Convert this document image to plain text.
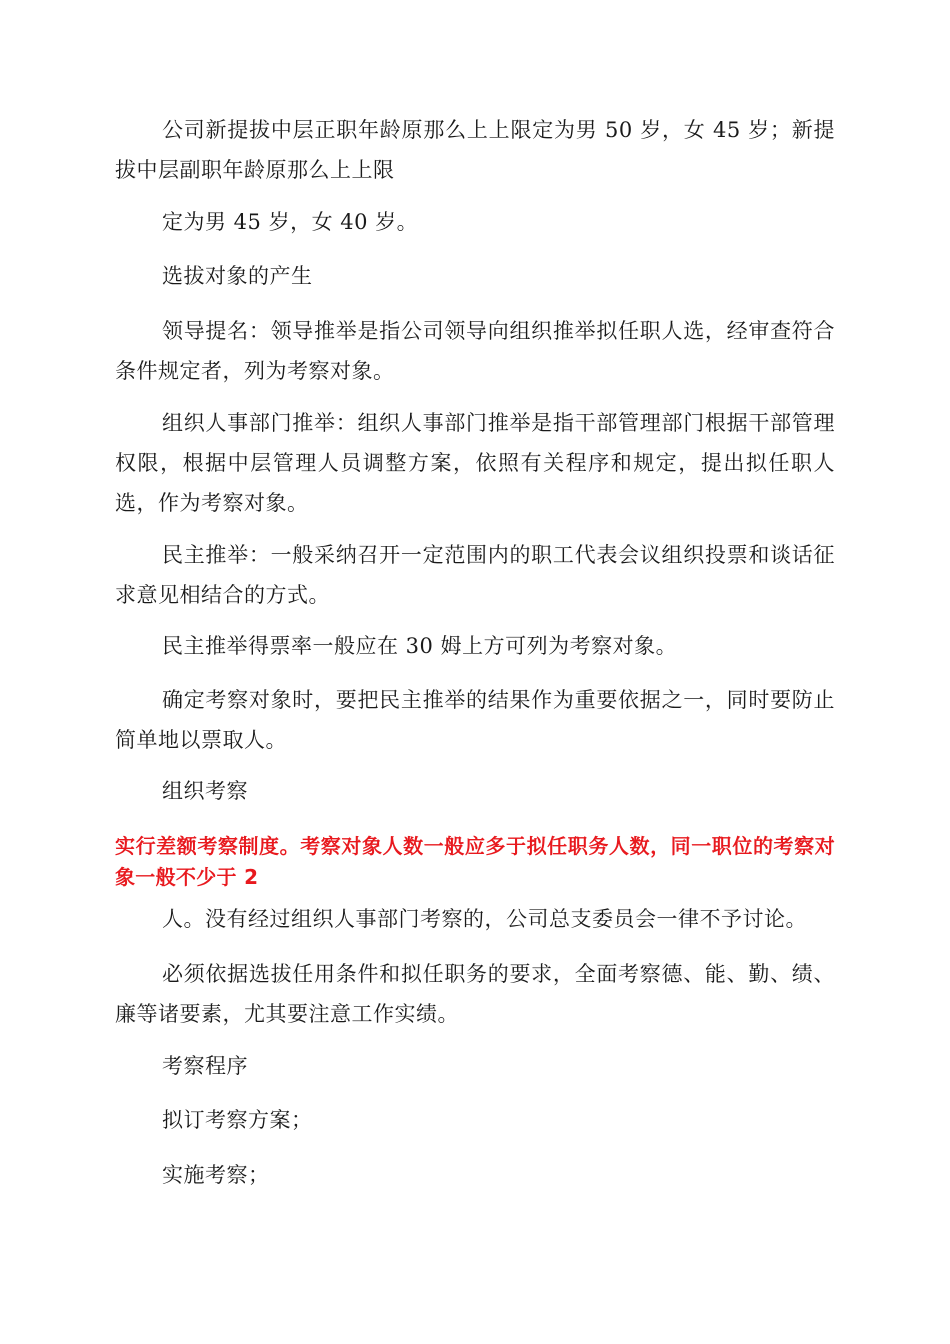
公司新提拔中层正职年龄原那么上上限定为男 50 岁，女 45 岁；新提拔中层副职年龄原那么上上限

定为男 45 岁，女 40 岁。

选拔对象的产生

领导提名：领导推举是指公司领导向组织推举拟任职人选，经审查符合条件规定者，列为考察对象。

组织人事部门推举：组织人事部门推举是指干部管理部门根据干部管理权限，根据中层管理人员调整方案，依照有关程序和规定，提出拟任职人选，作为考察对象。

民主推举：一般采纳召开一定范围内的职工代表会议组织投票和谈话征求意见相结合的方式。

民主推举得票率一般应在 30 姆上方可列为考察对象。

确定考察对象时，要把民主推举的结果作为重要依据之一，同时要防止简单地以票取人。

组织考察

实行差额考察制度。考察对象人数一般应多于拟任职务人数，同一职位的考察对象一般不少于 2

人。没有经过组织人事部门考察的，公司总支委员会一律不予讨论。

必须依据选拔任用条件和拟任职务的要求，全面考察德、能、勤、绩、廉等诸要素，尤其要注意工作实绩。

考察程序

拟订考察方案；

实施考察；
